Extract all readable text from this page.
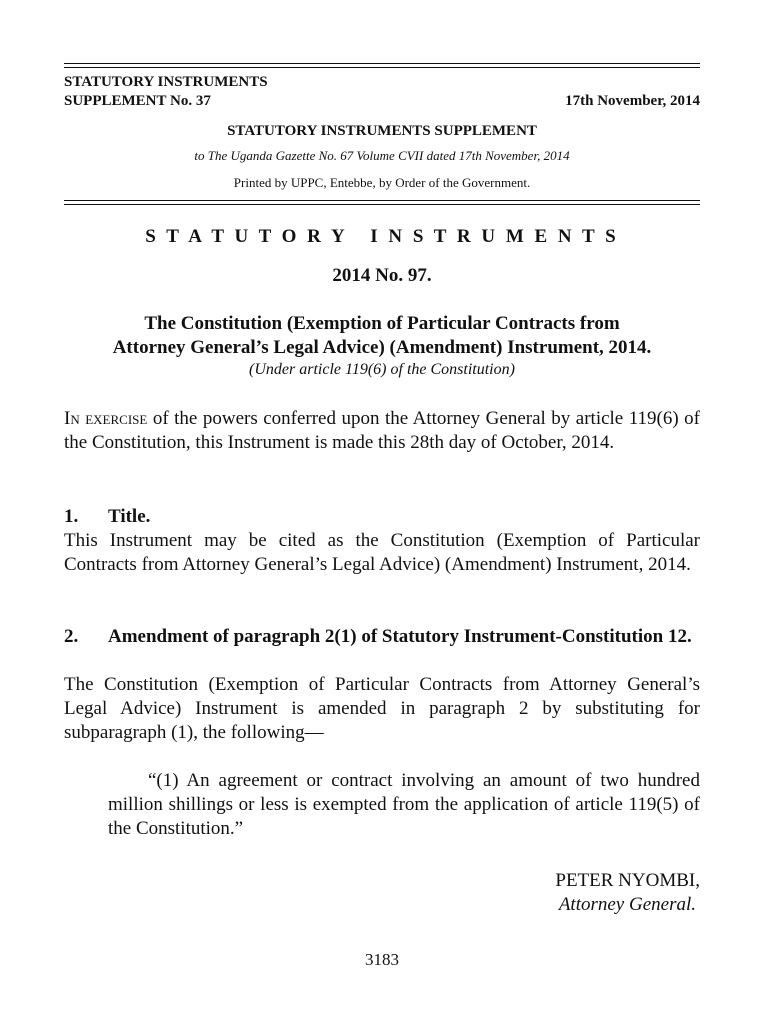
STATUTORY INSTRUMENTS
SUPPLEMENT No. 37	17th November, 2014
STATUTORY INSTRUMENTS SUPPLEMENT
to The Uganda Gazette No. 67 Volume CVII dated 17th November, 2014
Printed by UPPC, Entebbe, by Order of the Government.
S T A T U T O R Y   I N S T R U M E N T S
2014 No. 97.
The Constitution (Exemption of Particular Contracts from
Attorney General’s Legal Advice) (Amendment) Instrument, 2014.
(Under article 119(6) of the Constitution)
In exercise of the powers conferred upon the Attorney General by article 119(6) of the Constitution, this Instrument is made this 28th day of October, 2014.
1. Title.
This Instrument may be cited as the Constitution (Exemption of Particular Contracts from Attorney General’s Legal Advice) (Amendment) Instrument, 2014.
2.	Amendment of paragraph 2(1) of Statutory Instrument-Constitution 12.
The Constitution (Exemption of Particular Contracts from Attorney General’s Legal Advice) Instrument is amended in paragraph 2 by substituting for subparagraph (1), the following—
“(1) An agreement or contract involving an amount of two hundred million shillings or less is exempted from the application of article 119(5) of the Constitution.”
PETER NYOMBI,
Attorney General.
3183
